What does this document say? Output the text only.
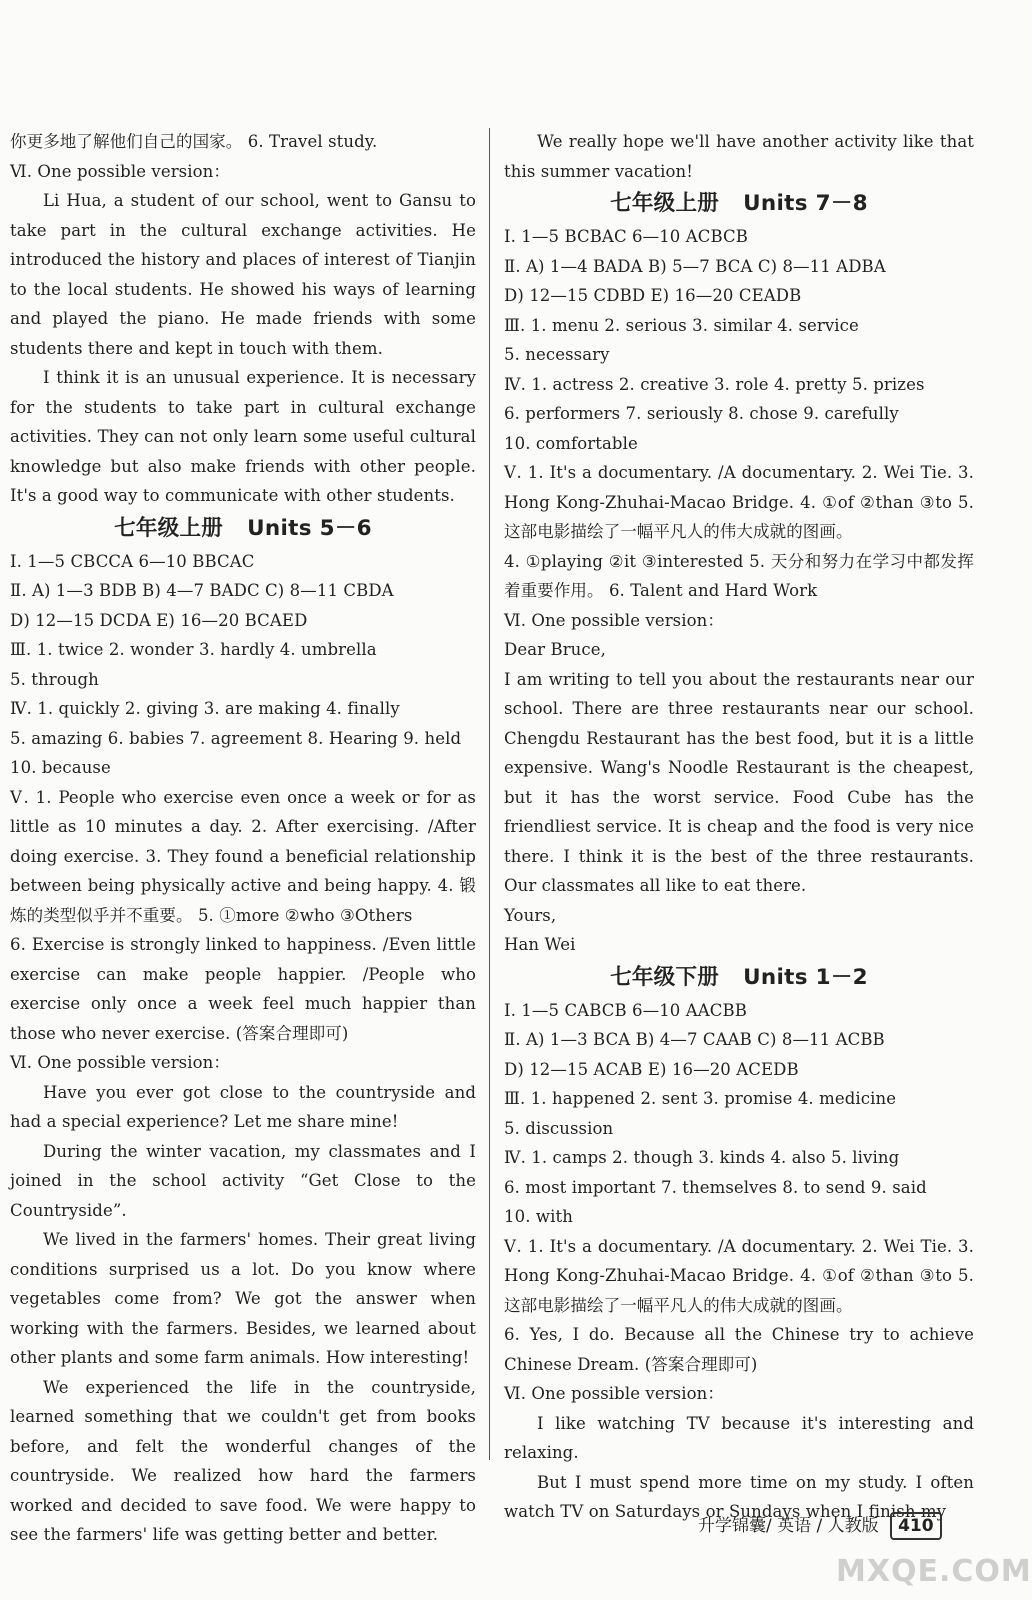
你更多地了解他们自己的国家。 6. Travel study.

Ⅵ. One possible version：

Li Hua, a student of our school, went to Gansu to take part in the cultural exchange activities. He introduced the history and places of interest of Tianjin to the local students. He showed his ways of learning and played the piano. He made friends with some students there and kept in touch with them.

I think it is an unusual experience. It is necessary for the students to take part in cultural exchange activities. They can not only learn some useful cultural knowledge but also make friends with other people. It's a good way to communicate with other students.

七年级上册 Units 5－6

Ⅰ. 1—5 CBCCA 6—10 BBCAC

Ⅱ. A) 1—3 BDB B) 4—7 BADC C) 8—11 CBDA

D) 12—15 DCDA E) 16—20 BCAED

Ⅲ. 1. twice 2. wonder 3. hardly 4. umbrella

5. through

Ⅳ. 1. quickly 2. giving 3. are making 4. finally

5. amazing 6. babies 7. agreement 8. Hearing 9. held

10. because

Ⅴ. 1. People who exercise even once a week or for as little as 10 minutes a day. 2. After exercising. /After doing exercise. 3. They found a beneficial relationship between being physically active and being happy. 4. 锻炼的类型似乎并不重要。 5. ①more ②who ③Others

6. Exercise is strongly linked to happiness. /Even little exercise can make people happier. /People who exercise only once a week feel much happier than those who never exercise. (答案合理即可)

Ⅵ. One possible version：

Have you ever got close to the countryside and had a special experience? Let me share mine!

During the winter vacation, my classmates and I joined in the school activity “Get Close to the Countryside”.

We lived in the farmers' homes. Their great living conditions surprised us a lot. Do you know where vegetables come from? We got the answer when working with the farmers. Besides, we learned about other plants and some farm animals. How interesting!

We experienced the life in the countryside, learned something that we couldn't get from books before, and felt the wonderful changes of the countryside. We realized how hard the farmers worked and decided to save food. We were happy to see the farmers' life was getting better and better.

We really hope we'll have another activity like that this summer vacation!

七年级上册 Units 7－8

Ⅰ. 1—5 BCBAC 6—10 ACBCB

Ⅱ. A) 1—4 BADA B) 5—7 BCA C) 8—11 ADBA

D) 12—15 CDBD E) 16—20 CEADB

Ⅲ. 1. menu 2. serious 3. similar 4. service

5. necessary

Ⅳ. 1. actress 2. creative 3. role 4. pretty 5. prizes

6. performers 7. seriously 8. chose 9. carefully

10. comfortable

Ⅴ. 1. It's a documentary. /A documentary. 2. Wei Tie. 3. Hong Kong-Zhuhai-Macao Bridge. 4. ①of ②than ③to 5. 这部电影描绘了一幅平凡人的伟大成就的图画。

4. ①playing ②it ③interested 5. 天分和努力在学习中都发挥着重要作用。 6. Talent and Hard Work

Ⅵ. One possible version：

Dear Bruce,

I am writing to tell you about the restaurants near our school. There are three restaurants near our school. Chengdu Restaurant has the best food, but it is a little expensive. Wang's Noodle Restaurant is the cheapest, but it has the worst service. Food Cube has the friendliest service. It is cheap and the food is very nice there. I think it is the best of the three restaurants. Our classmates all like to eat there.

Yours,

Han Wei

七年级下册 Units 1－2

Ⅰ. 1—5 CABCB 6—10 AACBB

Ⅱ. A) 1—3 BCA B) 4—7 CAAB C) 8—11 ACBB

D) 12—15 ACAB E) 16—20 ACEDB

Ⅲ. 1. happened 2. sent 3. promise 4. medicine

5. discussion

Ⅳ. 1. camps 2. though 3. kinds 4. also 5. living

6. most important 7. themselves 8. to send 9. said

10. with

Ⅴ. 1. It's a documentary. /A documentary. 2. Wei Tie. 3. Hong Kong-Zhuhai-Macao Bridge. 4. ①of ②than ③to 5. 这部电影描绘了一幅平凡人的伟大成就的图画。

6. Yes, I do. Because all the Chinese try to achieve Chinese Dream. (答案合理即可)

Ⅵ. One possible version：

I like watching TV because it's interesting and relaxing.

But I must spend more time on my study. I often watch TV on Saturdays or Sundays when I finish my

升学锦囊/ 英语 / 人教版 410
MXQE.COM
